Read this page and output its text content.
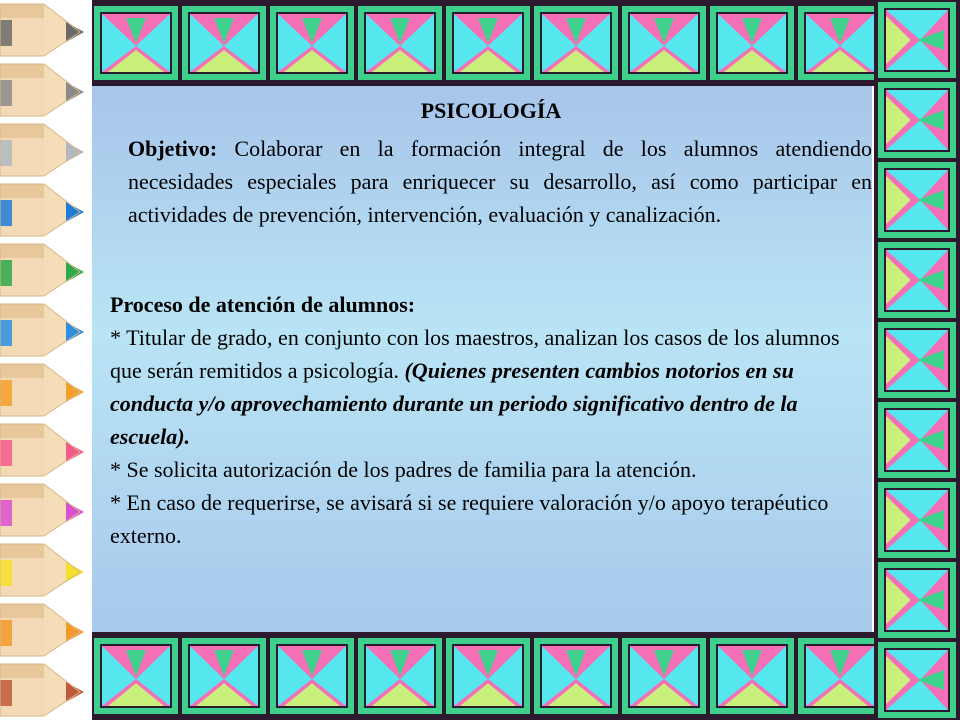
PSICOLOGÍA
Objetivo: Colaborar en la formación integral de los alumnos atendiendo necesidades especiales para enriquecer su desarrollo, así como participar en actividades de prevención, intervención, evaluación y canalización.
Proceso de atención de alumnos:
* Titular de grado, en conjunto con los maestros, analizan los casos de los alumnos que serán remitidos a psicología. (Quienes presenten cambios notorios en su conducta y/o aprovechamiento durante un periodo significativo dentro de la escuela).
* Se solicita autorización de los padres de familia para la atención.
* En caso de requerirse, se avisará si se requiere valoración y/o apoyo terapéutico externo.
